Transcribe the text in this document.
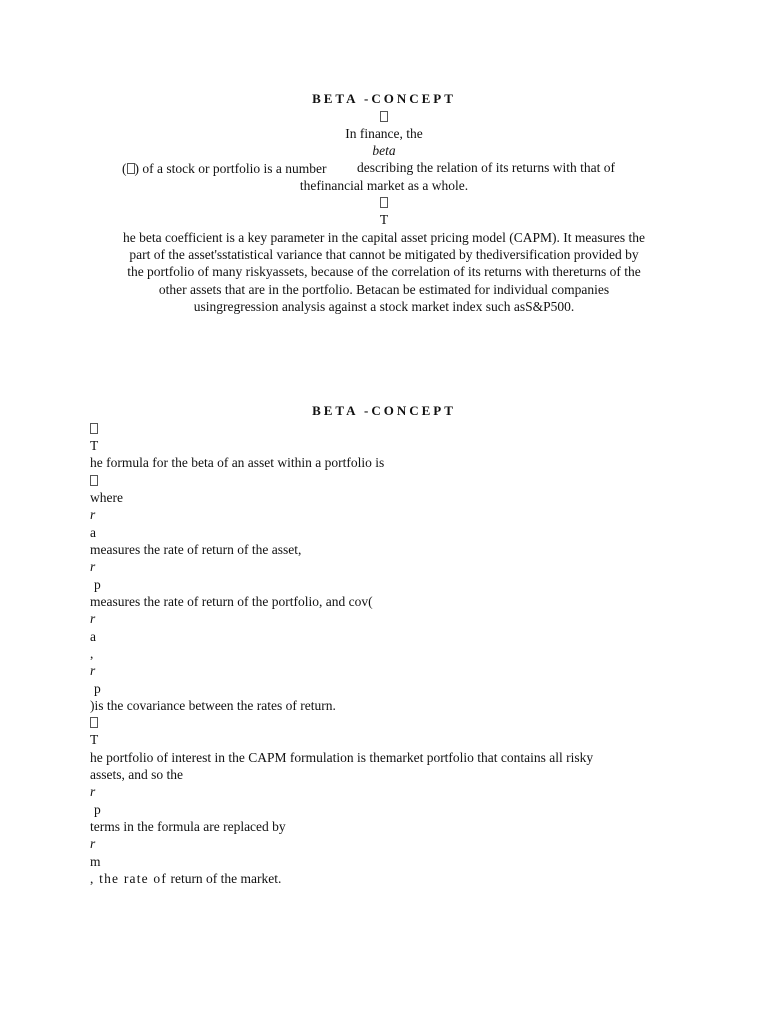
BETA -CONCEPT
In finance, the
beta
( ) of a stock or portfolio is a number describing the relation of its returns with that of
thefinancial market as a whole.
T
he beta coefficient is a key parameter in the capital asset pricing model (CAPM). It measures the
part of the asset'sstatistical variance that cannot be mitigated by thediversification provided by
the portfolio of many riskyassets, because of the correlation of its returns with thereturns of the
other assets that are in the portfolio. Betacan be estimated for individual companies
usingregression analysis against a stock market index such asS&P500.
BETA -CONCEPT
T
he formula for the beta of an asset within a portfolio is
where
r
a
measures the rate of return of the asset,
r
p
measures the rate of return of the portfolio, and cov(
r
a
,
r
p
)is the covariance between the rates of return.
T
he portfolio of interest in the CAPM formulation is themarket portfolio that contains all risky
assets, and so the
r
p
terms in the formula are replaced by
r
m
, the rate of return of the market.
